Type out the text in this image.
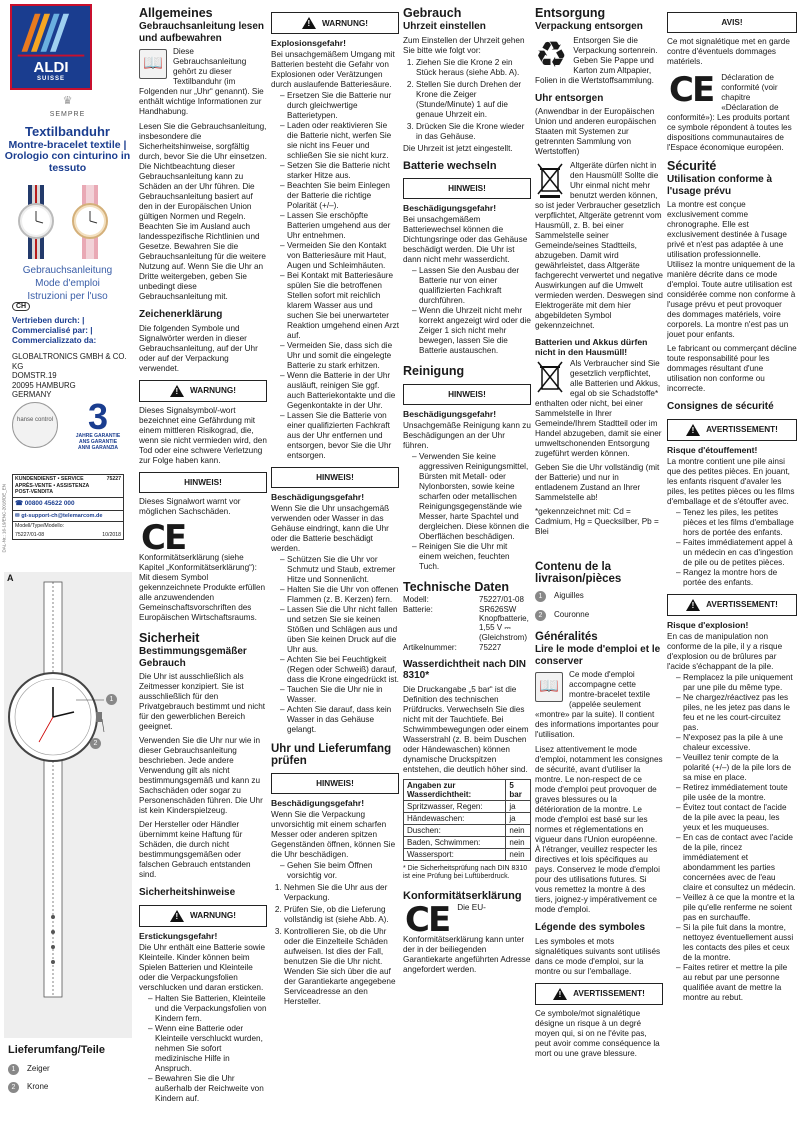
ALDI
SUISSE
♛
SEMPRE
Textilbanduhr
Montre-bracelet textile |
Orologio con cinturino in tessuto
Gebrauchsanleitung
Mode d'emploi
Istruzioni per l'uso
CH
Vertrieben durch: |
Commercialisé par: |
Commercializzato da:
GLOBALTRONICS GMBH & CO. KG
DOMSTR.19
20095 HAMBURG
GERMANY
hanse control 3
JAHRE GARANTIE
ANS GARANTIE
ANNI GARANZIA
KUNDENDIENST • SERVICE APRÈS-VENTE • ASSISTENZA POST-VENDITA
75227
☎ 00800 45622 000
✉ gt-support-ch@telemarcom.de
Modell/Type/Modello:
75227/01-08	10/2018
DAL-Nr.: 16-19/ENC-2018/DE_EN
A
1
2
Lieferumfang/Teile
1 Zeiger
2 Krone
Allgemeines
Gebrauchsanleitung lesen und aufbewahren
📖

Diese Gebrauchsanleitung gehört zu dieser Textilbanduhr (im Folgenden nur „Uhr“ genannt). Sie enthält wichtige Informationen zur Handhabung.

Lesen Sie die Gebrauchsanleitung, insbesondere die Sicherheitshinweise, sorgfältig durch, bevor Sie die Uhr einsetzen. Die Nichtbeachtung dieser Gebrauchsanleitung kann zu Schäden an der Uhr führen. Die Gebrauchsanleitung basiert auf den in der Europäischen Union gültigen Normen und Regeln. Beachten Sie im Ausland auch landesspezifische Richtlinien und Gesetze. Bewahren Sie die Gebrauchsanleitung für die weitere Nutzung auf. Wenn Sie die Uhr an Dritte weitergeben, geben Sie unbedingt diese Gebrauchsanleitung mit.

Zeichenerklärung

Die folgenden Symbole und Signalwörter werden in dieser Gebrauchsanleitung, auf der Uhr oder auf der Verpackung verwendet.

!
WARNUNG!

Dieses Signalsymbol/-wort bezeichnet eine Gefährdung mit einem mittleren Risikograd, die, wenn sie nicht vermieden wird, den Tod oder eine schwere Verletzung zur Folge haben kann.

HINWEIS!

Dieses Signalwort warnt vor möglichen Sachschäden.

CE

Konformitätserklärung (siehe Kapitel „Konformitätserklärung“): Mit diesem Symbol gekennzeichnete Produkte erfüllen alle anzuwendenden Gemeinschaftsvorschriften des Europäischen Wirtschaftsraums.

Sicherheit
Bestimmungsgemäßer Gebrauch

Die Uhr ist ausschließlich als Zeitmesser konzipiert. Sie ist ausschließlich für den Privatgebrauch bestimmt und nicht für den gewerblichen Bereich geeignet.

Verwenden Sie die Uhr nur wie in dieser Gebrauchsanleitung beschrieben. Jede andere Verwendung gilt als nicht bestimmungsgemäß und kann zu Sachschäden oder sogar zu Personenschäden führen. Die Uhr ist kein Kinderspielzeug.

Der Hersteller oder Händler übernimmt keine Haftung für Schäden, die durch nicht bestimmungsgemäßen oder falschen Gebrauch entstanden sind.

Sicherheitshinweise
!
WARNUNG!
Erstickungsgefahr!

Die Uhr enthält eine Batterie sowie Kleinteile. Kinder können beim Spielen Batterien und Kleinteile oder die Verpackungsfolien verschlucken und daran ersticken.

– Halten Sie Batterien, Kleinteile und die Verpackungsfolien von Kindern fern.
– Wenn eine Batterie oder Kleinteile verschluckt wurden, nehmen Sie sofort medizinische Hilfe in Anspruch.
– Bewahren Sie die Uhr außerhalb der Reichweite von Kindern auf.
!
WARNUNG!
Explosionsgefahr!

Bei unsachgemäßem Umgang mit Batterien besteht die Gefahr von Explosionen oder Verätzungen durch auslaufende Batteriesäure.

– Ersetzen Sie die Batterie nur durch gleichwertige Batterietypen.
– Laden oder reaktivieren Sie die Batterie nicht, werfen Sie sie nicht ins Feuer und schließen Sie sie nicht kurz.
– Setzen Sie die Batterie nicht starker Hitze aus.
– Beachten Sie beim Einlegen der Batterie die richtige Polarität (+/–).
– Lassen Sie erschöpfte Batterien umgehend aus der Uhr entnehmen.
– Vermeiden Sie den Kontakt von Batteriesäure mit Haut, Augen und Schleimhäuten.
– Bei Kontakt mit Batteriesäure spülen Sie die betroffenen Stellen sofort mit reichlich klarem Wasser aus und suchen Sie bei unerwarteter Reaktion umgehend einen Arzt auf.
– Vermeiden Sie, dass sich die Uhr und somit die eingelegte Batterie zu stark erhitzen.
– Wenn die Batterie in der Uhr ausläuft, reinigen Sie ggf. auch Batteriekontakte und die Gegenkontakte in der Uhr.
– Lassen Sie die Batterie von einer qualifizierten Fachkraft aus der Uhr entfernen und entsorgen, bevor Sie die Uhr entsorgen.
HINWEIS!
Beschädigungsgefahr!

Wenn Sie die Uhr unsachgemäß verwenden oder Wasser in das Gehäuse eindringt, kann die Uhr oder die Batterie beschädigt werden.

– Schützen Sie die Uhr vor Schmutz und Staub, extremer Hitze und Sonnenlicht.
– Halten Sie die Uhr von offenen Flammen (z. B. Kerzen) fern.
– Lassen Sie die Uhr nicht fallen und setzen Sie sie keinen Stößen und Schlägen aus und üben Sie keinen Druck auf die Uhr aus.
– Achten Sie bei Feuchtigkeit (Regen oder Schweiß) darauf, dass die Krone eingedrückt ist.
– Tauchen Sie die Uhr nie in Wasser.
– Achten Sie darauf, dass kein Wasser in das Gehäuse gelangt.
Uhr und Lieferumfang prüfen
HINWEIS!
Beschädigungsgefahr!

Wenn Sie die Verpackung unvorsichtig mit einem scharfen Messer oder anderen spitzen Gegenständen öffnen, können Sie die Uhr beschädigen.

– Gehen Sie beim Öffnen vorsichtig vor.
1. Nehmen Sie die Uhr aus der Verpackung.
2. Prüfen Sie, ob die Lieferung vollständig ist (siehe Abb. A).
3. Kontrollieren Sie, ob die Uhr oder die Einzelteile Schäden aufweisen. Ist dies der Fall, benutzen Sie die Uhr nicht. Wenden Sie sich über die auf der Garantiekarte angegebene Serviceadresse an den Hersteller.
Gebrauch
Uhrzeit einstellen

Zum Einstellen der Uhrzeit gehen Sie bitte wie folgt vor:

1. Ziehen Sie die Krone 2 ein Stück heraus (siehe Abb. A).
2. Stellen Sie durch Drehen der Krone die Zeiger (Stunde/Minute) 1 auf die genaue Uhrzeit ein.
3. Drücken Sie die Krone wieder in das Gehäuse.

Die Uhrzeit ist jetzt eingestellt.

Batterie wechseln
HINWEIS!
Beschädigungsgefahr!

Bei unsachgemäßem Batteriewechsel können die Dichtungsringe oder das Gehäuse beschädigt werden. Die Uhr ist dann nicht mehr wasserdicht.

– Lassen Sie den Ausbau der Batterie nur von einer qualifizierten Fachkraft durchführen.
– Wenn die Uhrzeit nicht mehr korrekt angezeigt wird oder die Zeiger 1 sich nicht mehr bewegen, lassen Sie die Batterie austauschen.
Reinigung
HINWEIS!
Beschädigungsgefahr!

Unsachgemäße Reinigung kann zu Beschädigungen an der Uhr führen.

– Verwenden Sie keine aggressiven Reinigungsmittel, Bürsten mit Metall- oder Nylonborsten, sowie keine scharfen oder metallischen Reinigungsgegenstände wie Messer, harte Spachtel und dergleichen. Diese können die Oberflächen beschädigen.
– Reinigen Sie die Uhr mit einem weichen, feuchten Tuch.
Technische Daten
Modell:	75227/01-08
Batterie:	SR626SW Knopfbatterie, 1,55 V ⎓ (Gleichstrom)
Artikelnummer:	75227
Wasserdichtheit nach DIN 8310*

Die Druckangabe „5 bar“ ist die Definition des technischen Prüfdrucks. Verwechseln Sie dies nicht mit der Tauchtiefe. Bei Schwimmbewegungen oder einem Wasserstrahl (z. B. beim Duschen oder Händewaschen) können dynamische Druckspitzen entstehen, die deutlich höher sind.

Angaben zur Wasserdichtheit:	5 bar
Spritzwasser, Regen:	ja
Händewaschen:	ja
Duschen:	nein
Baden, Schwimmen:	nein
Wassersport:	nein

* Die Sicherheitsprüfung nach DIN 8310 ist eine Prüfung bei Luftüberdruck.

Konformitätserklärung
CE Die EU-Konformitätserklärung kann unter der in der beiliegenden Garantiekarte angeführten Adresse angefordert werden.

Entsorgung
Verpackung entsorgen
♻ Entsorgen Sie die Verpackung sortenrein. Geben Sie Pappe und Karton zum Altpapier, Folien in die Wertstoffsammlung.

Uhr entsorgen

(Anwendbar in der Europäischen Union und anderen europäischen Staaten mit Systemen zur getrennten Sammlung von Wertstoffen)

Altgeräte dürfen nicht in den Hausmüll! Sollte die Uhr einmal nicht mehr benutzt werden können, so ist jeder Verbraucher gesetzlich verpflichtet, Altgeräte getrennt vom Hausmüll, z. B. bei einer Sammelstelle seiner Gemeinde/seines Stadtteils, abzugeben. Damit wird gewährleistet, dass Altgeräte fachgerecht verwertet und negative Auswirkungen auf die Umwelt vermieden werden. Deswegen sind Elektrogeräte mit dem hier abgebildeten Symbol gekennzeichnet.

Batterien und Akkus dürfen nicht in den Hausmüll!

Als Verbraucher sind Sie gesetzlich verpflichtet, alle Batterien und Akkus, egal ob sie Schadstoffe* enthalten oder nicht, bei einer Sammelstelle in Ihrer Gemeinde/Ihrem Stadtteil oder im Handel abzugeben, damit sie einer umweltschonenden Entsorgung zugeführt werden können.

Geben Sie die Uhr vollständig (mit der Batterie) und nur in entladenem Zustand an Ihrer Sammelstelle ab!

*gekennzeichnet mit: Cd = Cadmium, Hg = Quecksilber, Pb = Blei

Contenu de la livraison/pièces
1 Aiguilles
2 Couronne
Généralités
Lire le mode d'emploi et le conserver
📖

Ce mode d'emploi accompagne cette montre-bracelet textile (appelée seulement «montre» par la suite). Il contient des informations importantes pour l'utilisation.

Lisez attentivement le mode d'emploi, notamment les consignes de sécurité, avant d'utiliser la montre. Le non-respect de ce mode d'emploi peut provoquer de graves blessures ou la détérioration de la montre. Le mode d'emploi est basé sur les normes et réglementations en vigueur dans l'Union européenne. À l'étranger, veuillez respecter les directives et lois spécifiques au pays. Conservez le mode d'emploi pour des utilisations futures. Si vous remettez la montre à des tiers, joignez-y impérativement ce mode d'emploi.

Légende des symboles

Les symboles et mots signalétiques suivants sont utilisés dans ce mode d'emploi, sur la montre ou sur l'emballage.

!
AVERTISSEMENT!

Ce symbole/mot signalétique désigne un risque à un degré moyen qui, si on ne l'évite pas, peut avoir comme conséquence la mort ou une grave blessure.

AVIS!

Ce mot signalétique met en garde contre d'éventuels dommages matériels.

CE Déclaration de conformité (voir chapitre «Déclaration de conformité»): Les produits portant ce symbole répondent à toutes les dispositions communautaires de l'Espace économique européen.

Sécurité
Utilisation conforme à l'usage prévu

La montre est conçue exclusivement comme chronographe. Elle est exclusivement destinée à l'usage privé et n'est pas adaptée à une utilisation professionnelle.

Utilisez la montre uniquement de la manière décrite dans ce mode d'emploi. Toute autre utilisation est considérée comme non conforme à l'usage prévu et peut provoquer des dommages matériels, voire corporels. La montre n'est pas un jouet pour enfants.

Le fabricant ou commerçant décline toute responsabilité pour les dommages résultant d'une utilisation non conforme ou incorrecte.

Consignes de sécurité
!
AVERTISSEMENT!
Risque d'étouffement!

La montre contient une pile ainsi que des petites pièces. En jouant, les enfants risquent d'avaler les piles, les petites pièces ou les films d'emballage et de s'étouffer avec.

– Tenez les piles, les petites pièces et les films d'emballage hors de portée des enfants.
– Faites immédiatement appel à un médecin en cas d'ingestion de pile ou de petites pièces.
– Rangez la montre hors de portée des enfants.
!
AVERTISSEMENT!
Risque d'explosion!

En cas de manipulation non conforme de la pile, il y a risque d'explosion ou de brûlures par l'acide s'échappant de la pile.

– Remplacez la pile uniquement par une pile du même type.
– Ne chargez/réactivez pas les piles, ne les jetez pas dans le feu et ne les court-circuitez pas.
– N'exposez pas la pile à une chaleur excessive.
– Veuillez tenir compte de la polarité (+/–) de la pile lors de sa mise en place.
– Retirez immédiatement toute pile usée de la montre.
– Évitez tout contact de l'acide de la pile avec la peau, les yeux et les muqueuses.
– En cas de contact avec l'acide de la pile, rincez immédiatement et abondamment les parties concernées avec de l'eau claire et consultez un médecin.
– Veillez à ce que la montre et la pile qu'elle renferme ne soient pas en surchauffe.
– Si la pile fuit dans la montre, nettoyez éventuellement aussi les contacts des piles et ceux de la montre.
– Faites retirer et mettre la pile au rebut par une personne qualifiée avant de mettre la montre au rebut.
